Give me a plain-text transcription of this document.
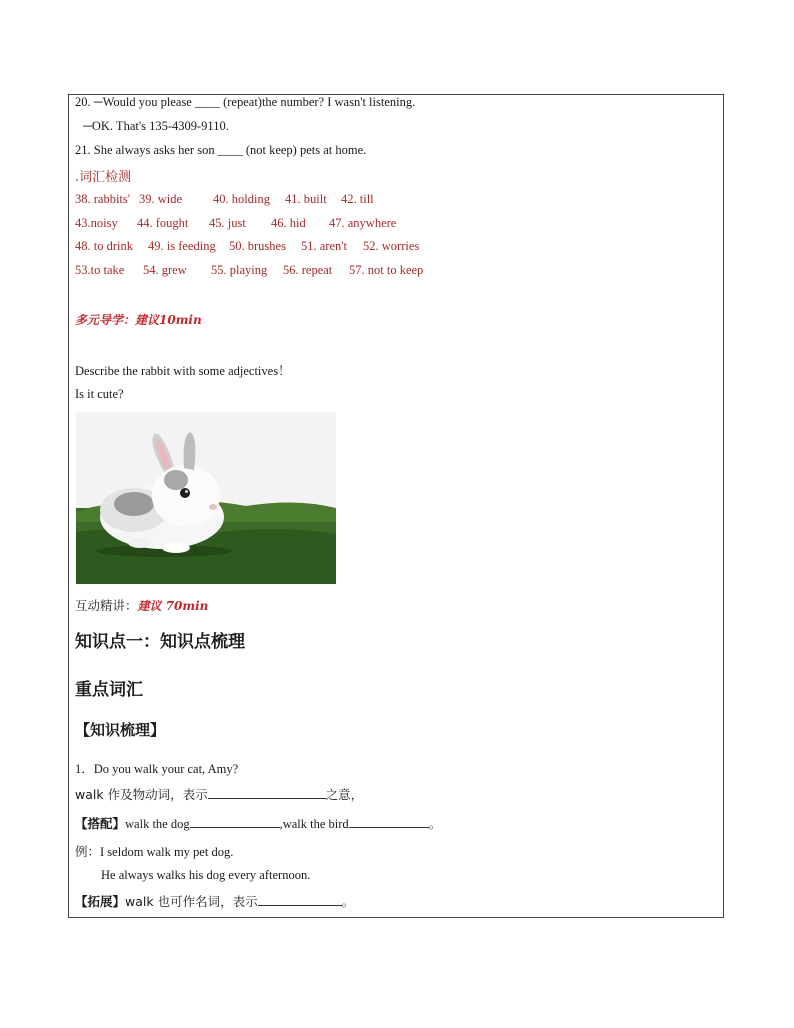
20. ─Would you please ____ (repeat)the number? I wasn't listening.
─OK. That's 135-4309-9110.
21. She always asks her son ____ (not keep) pets at home.
.词汇检测
38. rabbits' 39. wide 40. holding 41. built 42. till
43.noisy 44. fought 45. just 46. hid 47. anywhere
48. to drink 49. is feeding 50. brushes 51. aren't 52. worries
53.to take 54. grew 55. playing 56. repeat 57. not to keep
多元导学：建议10min
Describe the rabbit with some adjectives！
Is it cute?
互动精讲：建议 70min
知识点一：知识点梳理
重点词汇
【知识梳理】
1．Do you walk your cat, Amy?
walk 作及物动词，表示	之意，
【搭配】walk the dog	,walk the bird	。
例：I seldom walk my pet dog.
He always walks his dog every afternoon.
【拓展】walk 也可作名词，表示	。
